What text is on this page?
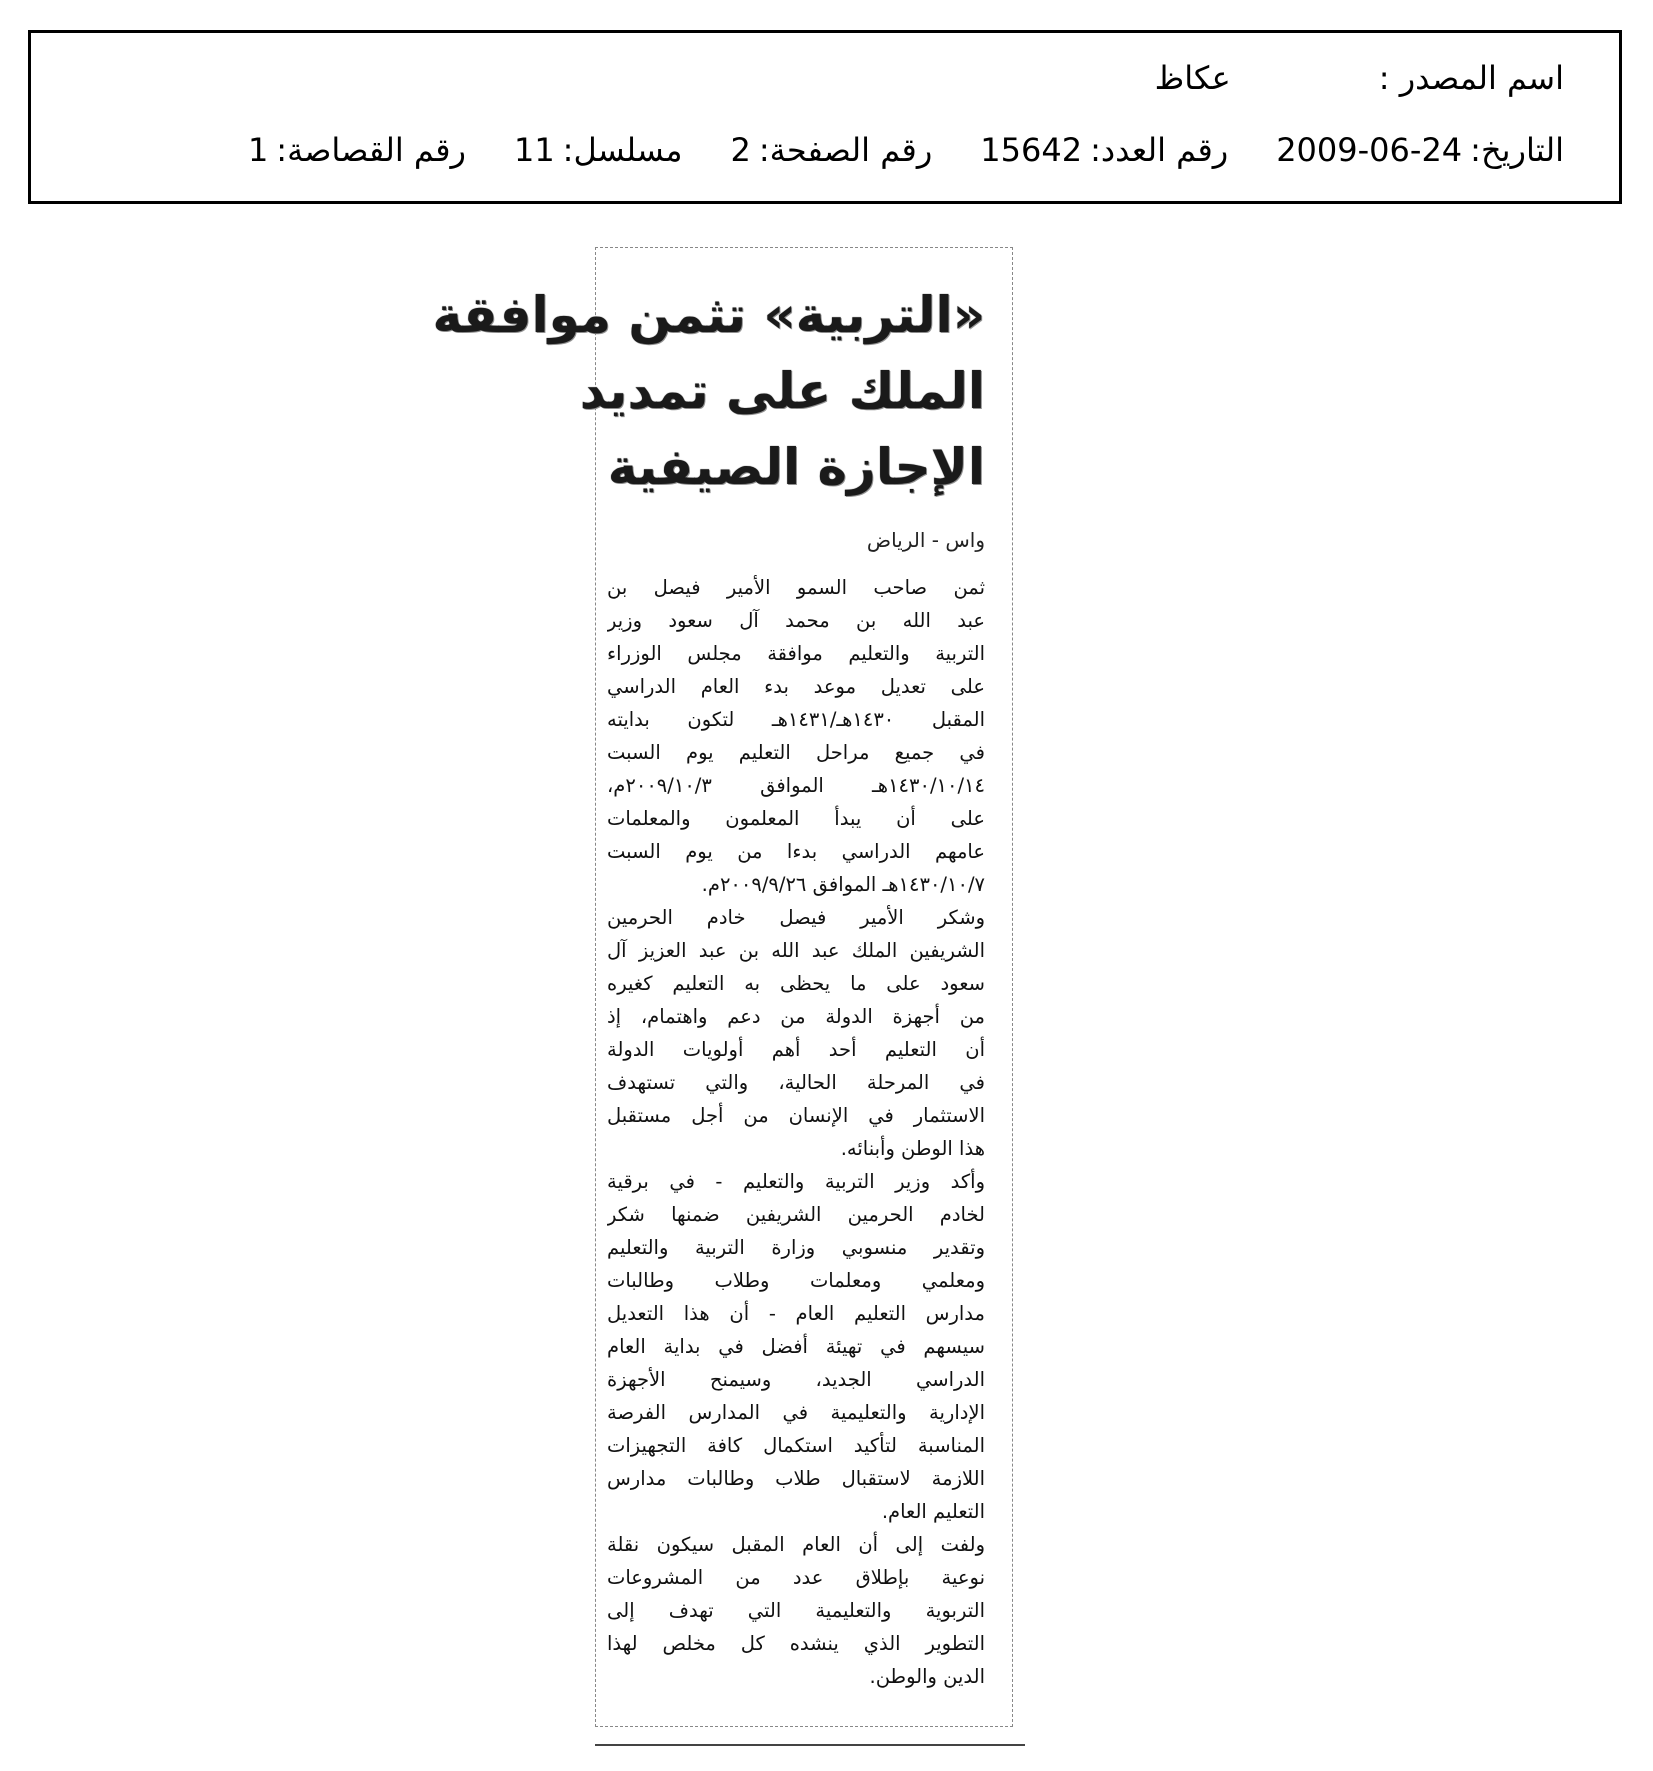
اسم المصدر :
عكاظ
التاريخ:
2009-06-24
رقم العدد:
15642
رقم الصفحة:
2
مسلسل:
11
رقم القصاصة:
1
«التربية» تثمن موافقة
الملك على تمديد
الإجازة الصيفية
واس - الرياض
ثمن صاحب السمو الأمير فيصل بن
عبد الله بن محمد آل سعود وزير
التربية والتعليم موافقة مجلس الوزراء
على تعديل موعد بدء العام الدراسي
المقبل ١٤٣٠هـ/١٤٣١هـ لتكون بدايته
في جميع مراحل التعليم يوم السبت
١٤٣٠/١٠/١٤هـ الموافق ٢٠٠٩/١٠/٣م،
على أن يبدأ المعلمون والمعلمات
عامهم الدراسي بدءا من يوم السبت
١٤٣٠/١٠/٧هـ الموافق ٢٠٠٩/٩/٢٦م.
وشكر الأمير فيصل خادم الحرمين
الشريفين الملك عبد الله بن عبد العزيز آل
سعود على ما يحظى به التعليم كغيره
من أجهزة الدولة من دعم واهتمام، إذ
أن التعليم أحد أهم أولويات الدولة
في المرحلة الحالية، والتي تستهدف
الاستثمار في الإنسان من أجل مستقبل
هذا الوطن وأبنائه.
وأكد وزير التربية والتعليم - في برقية
لخادم الحرمين الشريفين ضمنها شكر
وتقدير منسوبي وزارة التربية والتعليم
ومعلمي ومعلمات وطلاب وطالبات
مدارس التعليم العام - أن هذا التعديل
سيسهم في تهيئة أفضل في بداية العام
الدراسي الجديد، وسيمنح الأجهزة
الإدارية والتعليمية في المدارس الفرصة
المناسبة لتأكيد استكمال كافة التجهيزات
اللازمة لاستقبال طلاب وطالبات مدارس
التعليم العام.
ولفت إلى أن العام المقبل سيكون نقلة
نوعية بإطلاق عدد من المشروعات
التربوية والتعليمية التي تهدف إلى
التطوير الذي ينشده كل مخلص لهذا
الدين والوطن.
